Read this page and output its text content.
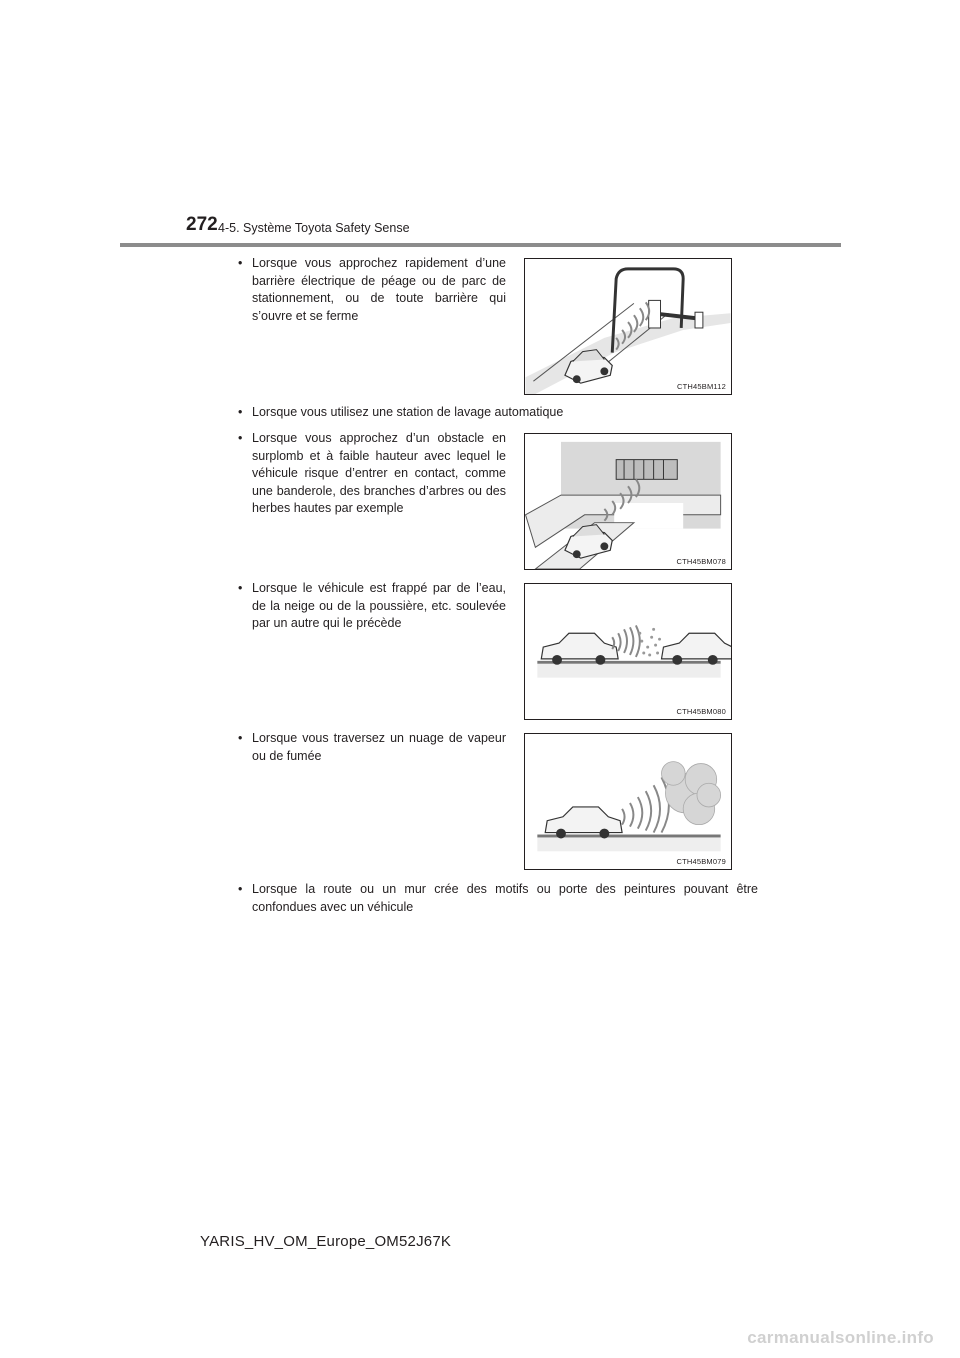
272 4-5. Système Toyota Safety Sense
• Lorsque vous approchez rapidement d’une barrière électrique de péage ou de parc de stationnement, ou de toute barrière qui s’ouvre et se ferme
CTH45BM112
• Lorsque vous utilisez une station de lavage automatique
• Lorsque vous approchez d’un obstacle en surplomb et à faible hauteur avec lequel le véhicule risque d’entrer en contact, comme une banderole, des branches d’arbres ou des herbes hautes par exemple
CTH45BM078
• Lorsque le véhicule est frappé par de l’eau, de la neige ou de la poussière, etc. soulevée par un autre qui le précède
CTH45BM080
• Lorsque vous traversez un nuage de vapeur ou de fumée
CTH45BM079
• Lorsque la route ou un mur crée des motifs ou porte des peintures pouvant être confondues avec un véhicule
YARIS_HV_OM_Europe_OM52J67K
carmanualsonline.info
